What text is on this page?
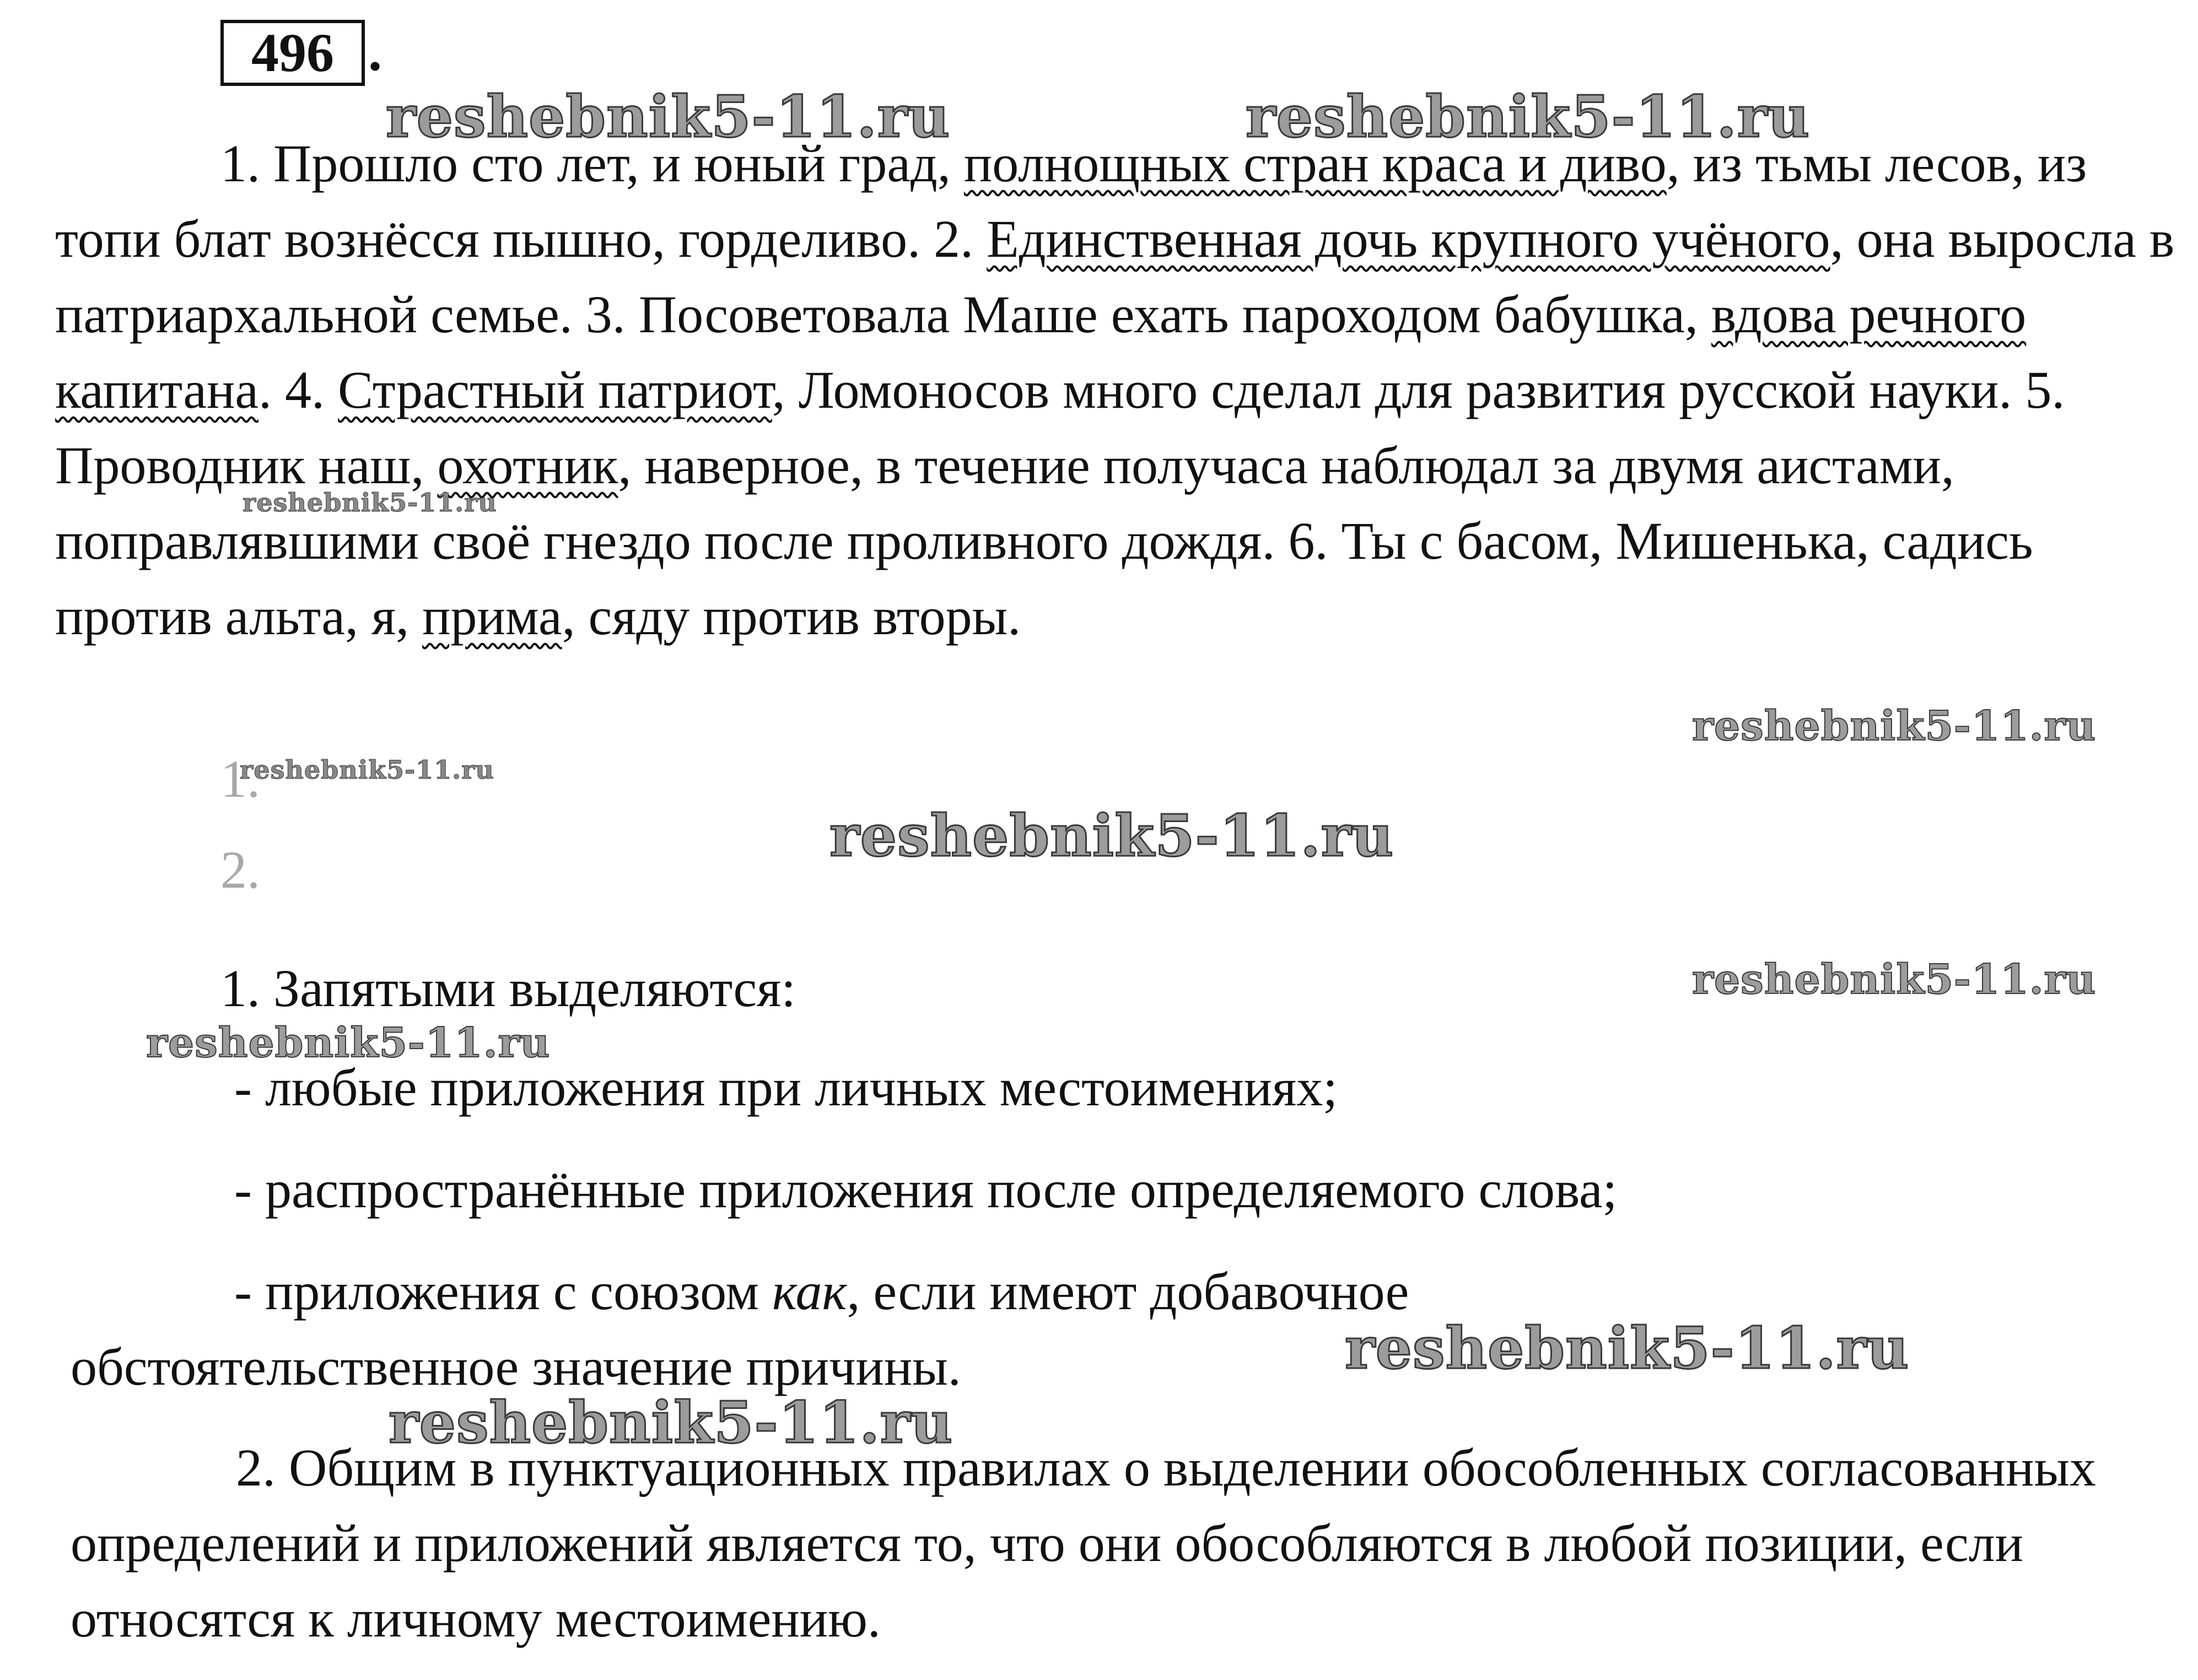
496 .

1. Прошло сто лет, и юный град, полнощных стран краса и диво, из тьмы лесов, из топи блат вознёсся пышно, горделиво. 2. Единственная дочь крупного учёного, она выросла в патриархальной семье. 3. Посоветовала Маше ехать пароходом бабушка, вдова речного капитана. 4. Страстный патриот, Ломоносов много сделал для развития русской науки. 5. Проводник наш, охотник, наверное, в течение получаса наблюдал за двумя аистами, поправлявшими своё гнездо после проливного дождя. 6. Ты с басом, Мишенька, садись против альта, я, прима, сяду против вторы.

1.
2.
1. Запятыми выделяются:
- любые приложения при личных местоимениях;
- распространённые приложения после определяемого слова;
- приложения с союзом как, если имеют добавочное
обстоятельственное значение причины.

2. Общим в пунктуационных правилах о выделении обособленных согласованных определений и приложений является то, что они обособляются в любой позиции, если относятся к личному местоимению.

reshebnik5-11.ru	reshebnik5-11.ru
reshebnik5-11.ru
reshebnik5-11.ru
reshebnik5-11.ru
reshebnik5-11.ru
reshebnik5-11.ru
reshebnik5-11.ru
reshebnik5-11.ru
reshebnik5-11.ru
